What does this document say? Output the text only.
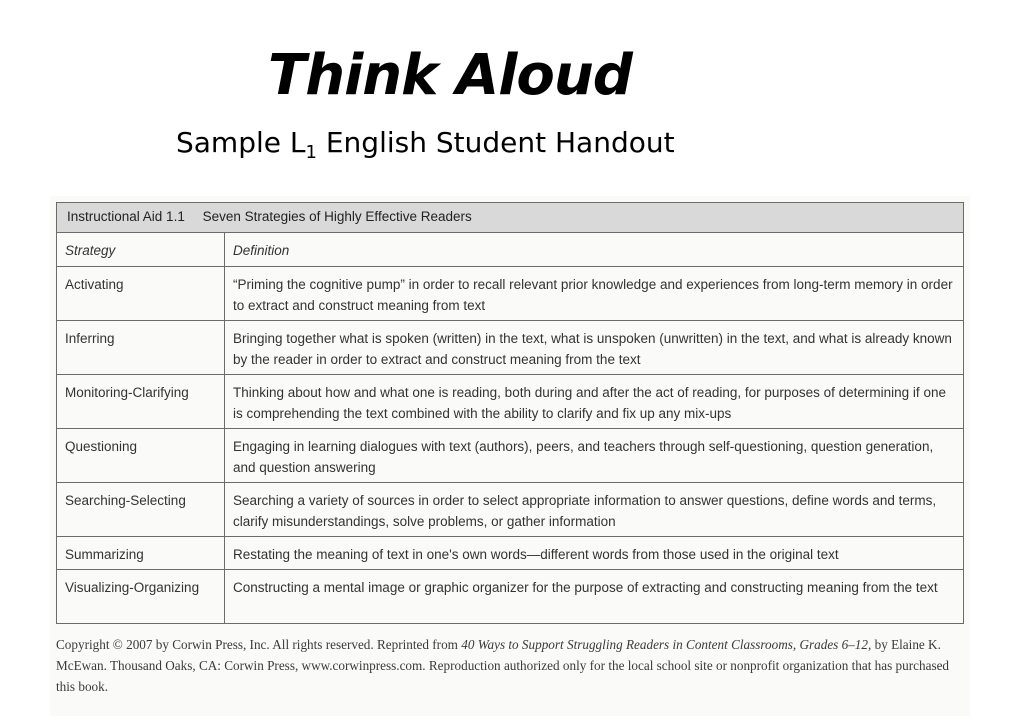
Think Aloud
Sample $L_1$ English Student Handout
Instructional Aid 1.1 Seven Strategies of Highly Effective Readers	
Strategy	Definition
Activating	“Priming the cognitive pump” in order to recall relevant prior knowledge and experiences from long-term memory in order to extract and construct meaning from text
Inferring	Bringing together what is spoken (written) in the text, what is unspoken (unwritten) in the text, and what is already known by the reader in order to extract and construct meaning from the text
Monitoring-Clarifying	Thinking about how and what one is reading, both during and after the act of reading, for purposes of determining if one is comprehending the text combined with the ability to clarify and fix up any mix-ups
Questioning	Engaging in learning dialogues with text (authors), peers, and teachers through self-questioning, question generation, and question answering
Searching-Selecting	Searching a variety of sources in order to select appropriate information to answer questions, define words and terms, clarify misunderstandings, solve problems, or gather information
Summarizing	Restating the meaning of text in one's own words—different words from those used in the original text
Visualizing-Organizing	Constructing a mental image or graphic organizer for the purpose of extracting and constructing meaning from the text
Copyright © 2007 by Corwin Press, Inc. All rights reserved. Reprinted from 40 Ways to Support Struggling Readers in Content Classrooms, Grades 6–12, by Elaine K. McEwan. Thousand Oaks, CA: Corwin Press, www.corwinpress.com. Reproduction authorized only for the local school site or nonprofit organization that has purchased this book.
